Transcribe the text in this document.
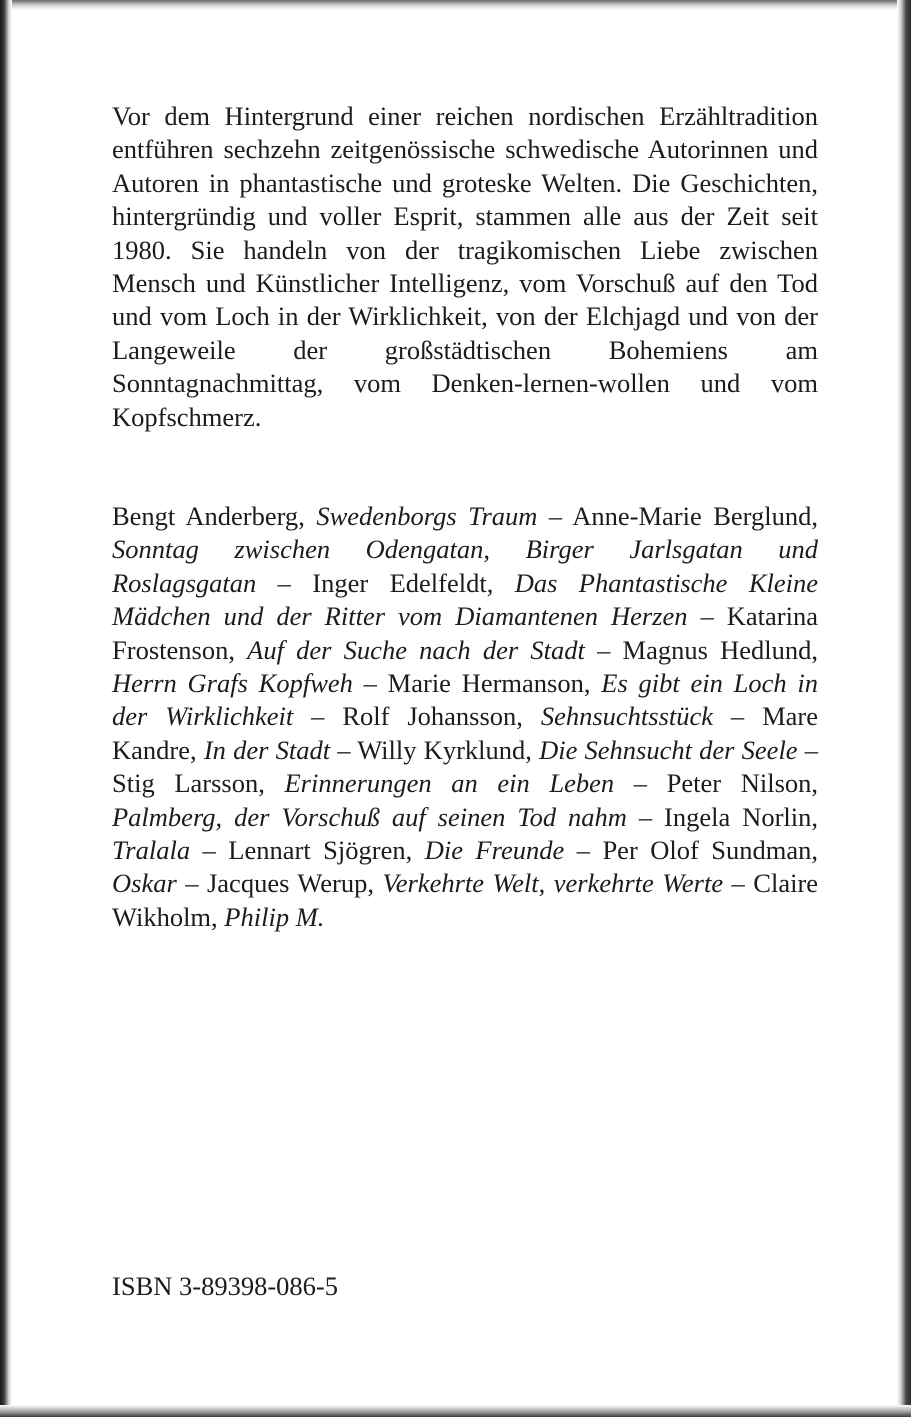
Vor dem Hintergrund einer reichen nordischen Erzähltradition entführen sechzehn zeitgenössische schwedische Autorinnen und Autoren in phantastische und groteske Welten. Die Geschichten, hintergründig und voller Esprit, stammen alle aus der Zeit seit 1980. Sie handeln von der tragikomischen Liebe zwischen Mensch und Künstlicher Intelligenz, vom Vorschuß auf den Tod und vom Loch in der Wirklichkeit, von der Elchjagd und von der Langeweile der großstädtischen Bohemiens am Sonntagnachmittag, vom Denken-lernen-wollen und vom Kopfschmerz.

Bengt Anderberg, Swedenborgs Traum – Anne-Marie Berglund, Sonntag zwischen Odengatan, Birger Jarlsgatan und Roslagsgatan – Inger Edelfeldt, Das Phantastische Kleine Mädchen und der Ritter vom Diamantenen Herzen – Katarina Frostenson, Auf der Suche nach der Stadt – Magnus Hedlund, Herrn Grafs Kopfweh – Marie Hermanson, Es gibt ein Loch in der Wirklichkeit – Rolf Johansson, Sehnsuchtsstück – Mare Kandre, In der Stadt – Willy Kyrklund, Die Sehnsucht der Seele – Stig Larsson, Erinnerungen an ein Leben – Peter Nilson, Palmberg, der Vorschuß auf seinen Tod nahm – Ingela Norlin, Tralala – Lennart Sjögren, Die Freunde – Per Olof Sundman, Oskar – Jacques Werup, Verkehrte Welt, verkehrte Werte – Claire Wikholm, Philip M.

ISBN 3-89398-086-5
